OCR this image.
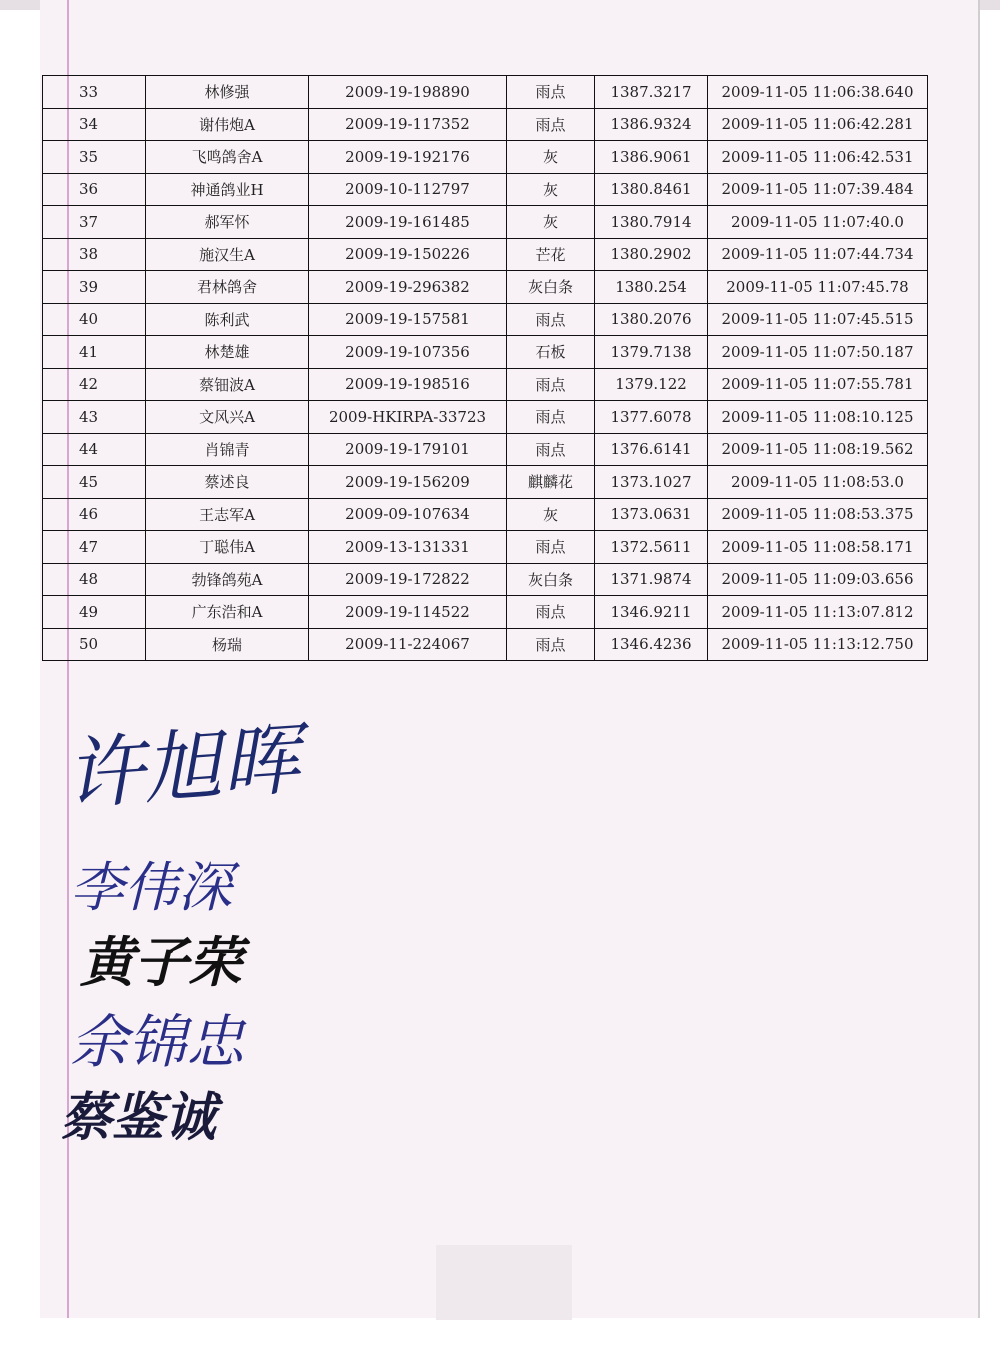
33	林修强	2009-19-198890	雨点	1387.3217	2009-11-05 11:06:38.640
34	谢伟炮A	2009-19-117352	雨点	1386.9324	2009-11-05 11:06:42.281
35	飞鸣鸽舍A	2009-19-192176	灰	1386.9061	2009-11-05 11:06:42.531
36	神通鸽业H	2009-10-112797	灰	1380.8461	2009-11-05 11:07:39.484
37	郝军怀	2009-19-161485	灰	1380.7914	2009-11-05 11:07:40.0
38	施汉生A	2009-19-150226	芒花	1380.2902	2009-11-05 11:07:44.734
39	君林鸽舍	2009-19-296382	灰白条	1380.254	2009-11-05 11:07:45.78
40	陈利武	2009-19-157581	雨点	1380.2076	2009-11-05 11:07:45.515
41	林楚雄	2009-19-107356	石板	1379.7138	2009-11-05 11:07:50.187
42	蔡钿波A	2009-19-198516	雨点	1379.122	2009-11-05 11:07:55.781
43	文风兴A	2009-HKIRPA-33723	雨点	1377.6078	2009-11-05 11:08:10.125
44	肖锦青	2009-19-179101	雨点	1376.6141	2009-11-05 11:08:19.562
45	蔡述良	2009-19-156209	麒麟花	1373.1027	2009-11-05 11:08:53.0
46	王志军A	2009-09-107634	灰	1373.0631	2009-11-05 11:08:53.375
47	丁聪伟A	2009-13-131331	雨点	1372.5611	2009-11-05 11:08:58.171
48	勃锋鸽苑A	2009-19-172822	灰白条	1371.9874	2009-11-05 11:09:03.656
49	广东浩和A	2009-19-114522	雨点	1346.9211	2009-11-05 11:13:07.812
50	杨瑞	2009-11-224067	雨点	1346.4236	2009-11-05 11:13:12.750
许旭晖
李伟深
黄子荣
余锦忠
蔡鉴诚
